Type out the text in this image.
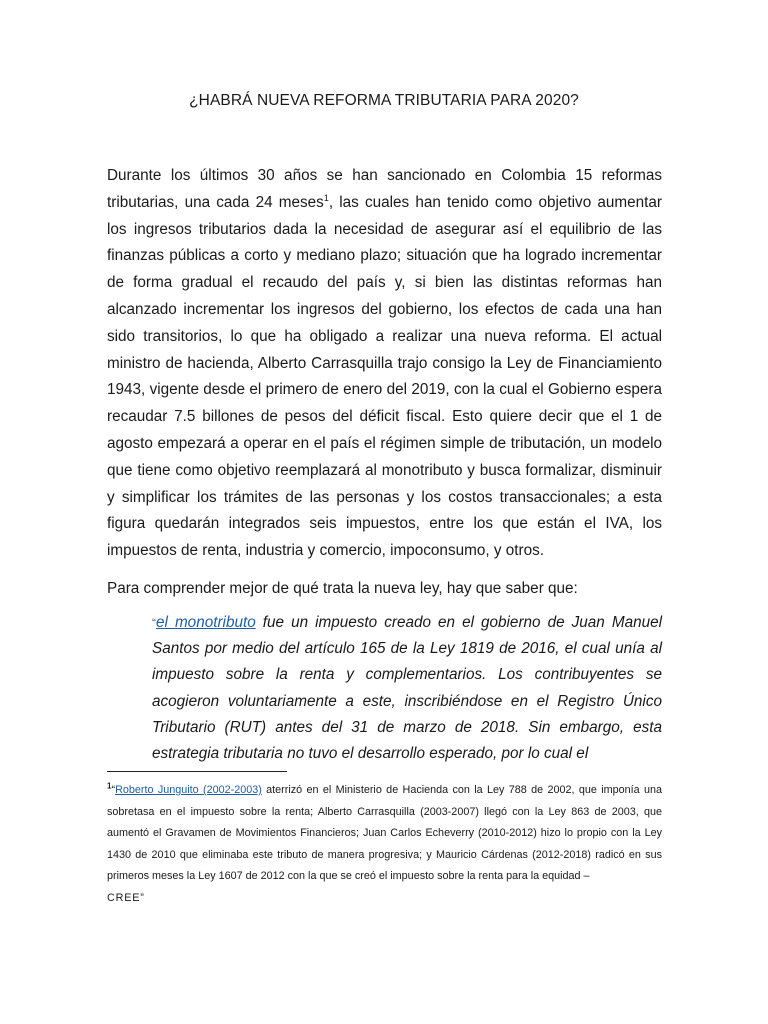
¿HABRÁ NUEVA REFORMA TRIBUTARIA PARA 2020?

Durante los últimos 30 años se han sancionado en Colombia 15 reformas tributarias, una cada 24 meses$^1$, las cuales han tenido como objetivo aumentar los ingresos tributarios dada la necesidad de asegurar así el equilibrio de las finanzas públicas a corto y mediano plazo; situación que ha logrado incrementar de forma gradual el recaudo del país y, si bien las distintas reformas han alcanzado incrementar los ingresos del gobierno, los efectos de cada una han sido transitorios, lo que ha obligado a realizar una nueva reforma. El actual ministro de hacienda, Alberto Carrasquilla trajo consigo la Ley de Financiamiento 1943, vigente desde el primero de enero del 2019, con la cual el Gobierno espera recaudar 7.5 billones de pesos del déficit fiscal. Esto quiere decir que el 1 de agosto empezará a operar en el país el régimen simple de tributación, un modelo que tiene como objetivo reemplazará al monotributo y busca formalizar, disminuir y simplificar los trámites de las personas y los costos transaccionales; a esta figura quedarán integrados seis impuestos, entre los que están el IVA, los impuestos de renta, industria y comercio, impoconsumo, y otros.

Para comprender mejor de qué trata la nueva ley, hay que saber que:

“el monotributo fue un impuesto creado en el gobierno de Juan Manuel Santos por medio del artículo 165 de la Ley 1819 de 2016, el cual unía al impuesto sobre la renta y complementarios. Los contribuyentes se acogieron voluntariamente a este, inscribiéndose en el Registro Único Tributario (RUT) antes del 31 de marzo de 2018. Sin embargo, esta estrategia tributaria no tuvo el desarrollo esperado, por lo cual el

$^1$“Roberto Junguito (2002-2003) aterrizó en el Ministerio de Hacienda con la Ley 788 de 2002, que imponía una sobretasa en el impuesto sobre la renta; Alberto Carrasquilla (2003-2007) llegó con la Ley 863 de 2003, que aumentó el Gravamen de Movimientos Financieros; Juan Carlos Echeverry (2010-2012) hizo lo propio con la Ley 1430 de 2010 que eliminaba este tributo de manera progresiva; y Mauricio Cárdenas (2012-2018) radicó en sus primeros meses la Ley 1607 de 2012 con la que se creó el impuesto sobre la renta para la equidad –
CREE”
